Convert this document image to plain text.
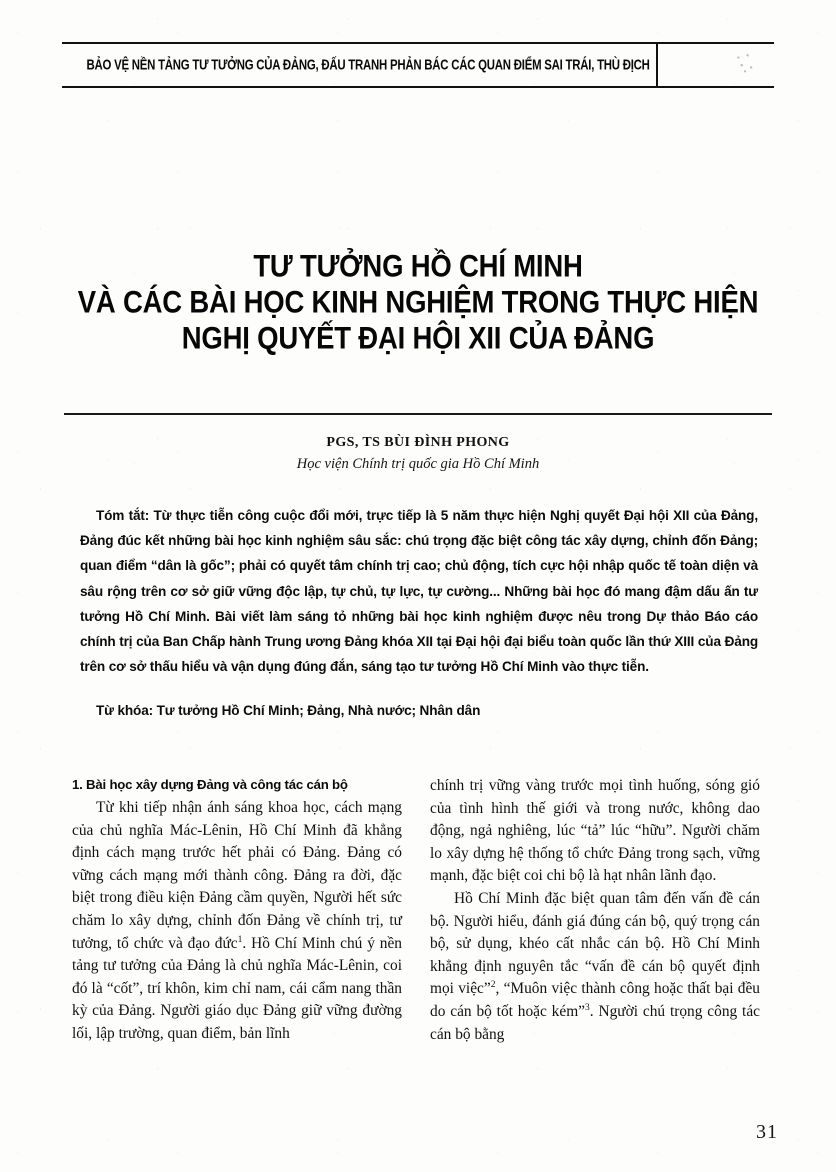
BẢO VỆ NỀN TẢNG TƯ TƯỞNG CỦA ĐẢNG, ĐẤU TRANH PHẢN BÁC CÁC QUAN ĐIỂM SAI TRÁI, THÙ ĐỊCH
TƯ TƯỞNG HỒ CHÍ MINH
VÀ CÁC BÀI HỌC KINH NGHIỆM TRONG THỰC HIỆN
NGHỊ QUYẾT ĐẠI HỘI XII CỦA ĐẢNG
PGS, TS BÙI ĐÌNH PHONG
Học viện Chính trị quốc gia Hồ Chí Minh
Tóm tắt: Từ thực tiễn công cuộc đổi mới, trực tiếp là 5 năm thực hiện Nghị quyết Đại hội XII của Đảng, Đảng đúc kết những bài học kinh nghiệm sâu sắc: chú trọng đặc biệt công tác xây dựng, chỉnh đốn Đảng; quan điểm “dân là gốc”; phải có quyết tâm chính trị cao; chủ động, tích cực hội nhập quốc tế toàn diện và sâu rộng trên cơ sở giữ vững độc lập, tự chủ, tự lực, tự cường... Những bài học đó mang đậm dấu ấn tư tưởng Hồ Chí Minh. Bài viết làm sáng tỏ những bài học kinh nghiệm được nêu trong Dự thảo Báo cáo chính trị của Ban Chấp hành Trung ương Đảng khóa XII tại Đại hội đại biểu toàn quốc lần thứ XIII của Đảng trên cơ sở thấu hiểu và vận dụng đúng đắn, sáng tạo tư tưởng Hồ Chí Minh vào thực tiễn.
Từ khóa: Tư tưởng Hồ Chí Minh; Đảng, Nhà nước; Nhân dân
1. Bài học xây dựng Đảng và công tác cán bộ

Từ khi tiếp nhận ánh sáng khoa học, cách mạng của chủ nghĩa Mác-Lênin, Hồ Chí Minh đã khẳng định cách mạng trước hết phải có Đảng. Đảng có vững cách mạng mới thành công. Đảng ra đời, đặc biệt trong điều kiện Đảng cầm quyền, Người hết sức chăm lo xây dựng, chỉnh đốn Đảng về chính trị, tư tưởng, tổ chức và đạo đức$^1$. Hồ Chí Minh chú ý nền tảng tư tưởng của Đảng là chủ nghĩa Mác-Lênin, coi đó là “cốt”, trí khôn, kim chỉ nam, cái cẩm nang thần kỳ của Đảng. Người giáo dục Đảng giữ vững đường lối, lập trường, quan điểm, bản lĩnh

chính trị vững vàng trước mọi tình huống, sóng gió của tình hình thế giới và trong nước, không dao động, ngả nghiêng, lúc “tả” lúc “hữu”. Người chăm lo xây dựng hệ thống tổ chức Đảng trong sạch, vững mạnh, đặc biệt coi chi bộ là hạt nhân lãnh đạo.

Hồ Chí Minh đặc biệt quan tâm đến vấn đề cán bộ. Người hiểu, đánh giá đúng cán bộ, quý trọng cán bộ, sử dụng, khéo cất nhắc cán bộ. Hồ Chí Minh khẳng định nguyên tắc “vấn đề cán bộ quyết định mọi việc”$^2$, “Muôn việc thành công hoặc thất bại đều do cán bộ tốt hoặc kém”$^3$. Người chú trọng công tác cán bộ bằng

31
